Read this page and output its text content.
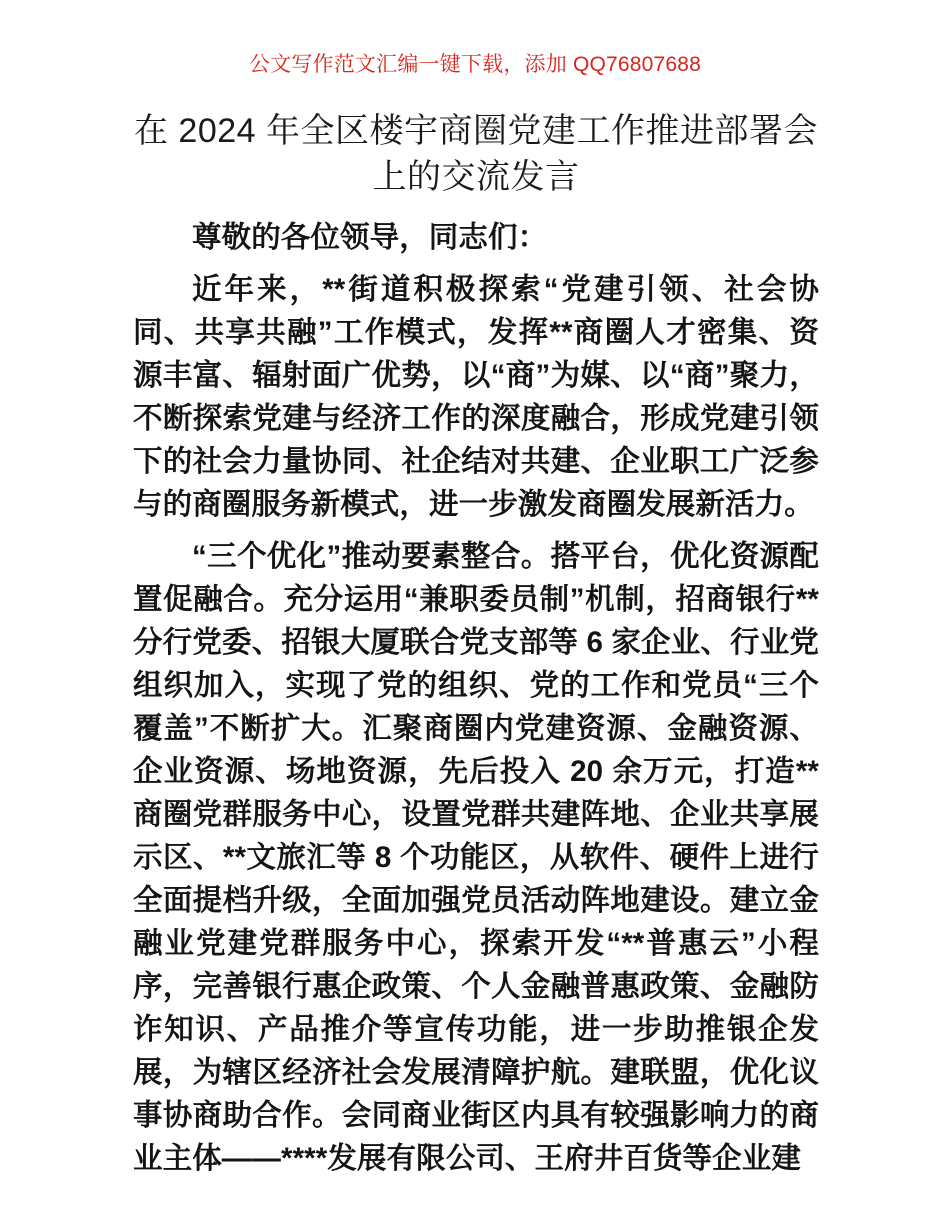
公文写作范文汇编一键下载，添加 QQ76807688
在 2024 年全区楼宇商圈党建工作推进部署会上的交流发言

尊敬的各位领导，同志们：

近年来，**街道积极探索“党建引领、社会协同、共享共融”工作模式，发挥**商圈人才密集、资源丰富、辐射面广优势，以“商”为媒、以“商”聚力，不断探索党建与经济工作的深度融合，形成党建引领下的社会力量协同、社企结对共建、企业职工广泛参与的商圈服务新模式，进一步激发商圈发展新活力。

“三个优化”推动要素整合。搭平台，优化资源配置促融合。充分运用“兼职委员制”机制，招商银行**分行党委、招银大厦联合党支部等 6 家企业、行业党组织加入，实现了党的组织、党的工作和党员“三个覆盖”不断扩大。汇聚商圈内党建资源、金融资源、企业资源、场地资源，先后投入 20 余万元，打造**商圈党群服务中心，设置党群共建阵地、企业共享展示区、**文旅汇等 8 个功能区，从软件、硬件上进行全面提档升级，全面加强党员活动阵地建设。建立金融业党建党群服务中心，探索开发“**普惠云”小程序，完善银行惠企政策、个人金融普惠政策、金融防诈知识、产品推介等宣传功能，进一步助推银企发展，为辖区经济社会发展清障护航。建联盟，优化议事协商助合作。会同商业街区内具有较强影响力的商业主体——****发展有限公司、王府井百货等企业建
